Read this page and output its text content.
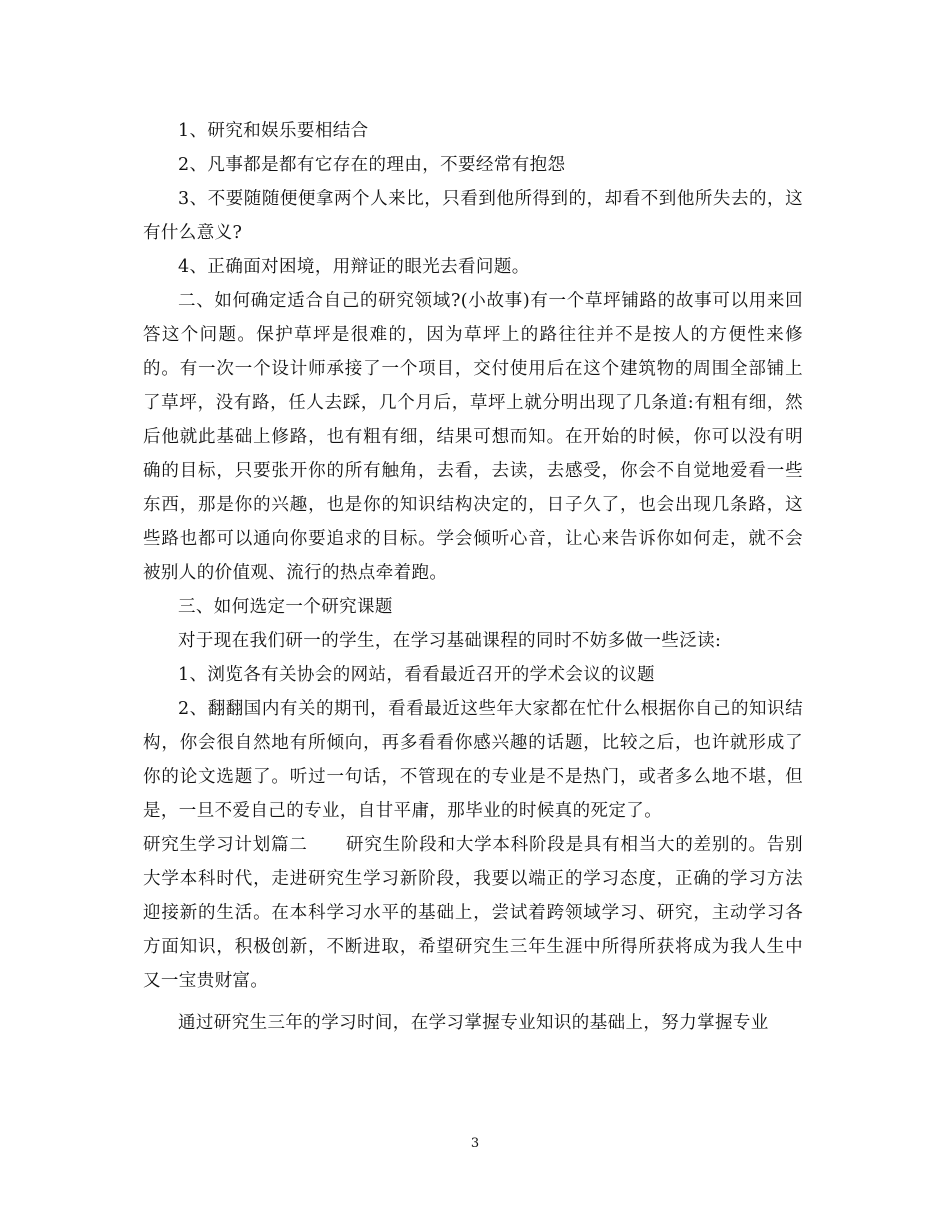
1、研究和娱乐要相结合

2、凡事都是都有它存在的理由，不要经常有抱怨

3、不要随随便便拿两个人来比，只看到他所得到的，却看不到他所失去的，这有什么意义?

4、正确面对困境，用辩证的眼光去看问题。

二、如何确定适合自己的研究领域?(小故事)有一个草坪铺路的故事可以用来回答这个问题。保护草坪是很难的，因为草坪上的路往往并不是按人的方便性来修的。有一次一个设计师承接了一个项目，交付使用后在这个建筑物的周围全部铺上了草坪，没有路，任人去踩，几个月后，草坪上就分明出现了几条道:有粗有细，然后他就此基础上修路，也有粗有细，结果可想而知。在开始的时候，你可以没有明确的目标，只要张开你的所有触角，去看，去读，去感受，你会不自觉地爱看一些东西，那是你的兴趣，也是你的知识结构决定的，日子久了，也会出现几条路，这些路也都可以通向你要追求的目标。学会倾听心音，让心来告诉你如何走，就不会被别人的价值观、流行的热点牵着跑。

三、如何选定一个研究课题

对于现在我们研一的学生，在学习基础课程的同时不妨多做一些泛读:

1、浏览各有关协会的网站，看看最近召开的学术会议的议题

2、翻翻国内有关的期刊，看看最近这些年大家都在忙什么根据你自己的知识结构，你会很自然地有所倾向，再多看看你感兴趣的话题，比较之后，也许就形成了你的论文选题了。听过一句话，不管现在的专业是不是热门，或者多么地不堪，但是，一旦不爱自己的专业，自甘平庸，那毕业的时候真的死定了。

研究生学习计划篇二 研究生阶段和大学本科阶段是具有相当大的差别的。告别大学本科时代，走进研究生学习新阶段，我要以端正的学习态度，正确的学习方法迎接新的生活。在本科学习水平的基础上，尝试着跨领域学习、研究，主动学习各方面知识，积极创新，不断进取，希望研究生三年生涯中所得所获将成为我人生中又一宝贵财富。

通过研究生三年的学习时间，在学习掌握专业知识的基础上，努力掌握专业

3
